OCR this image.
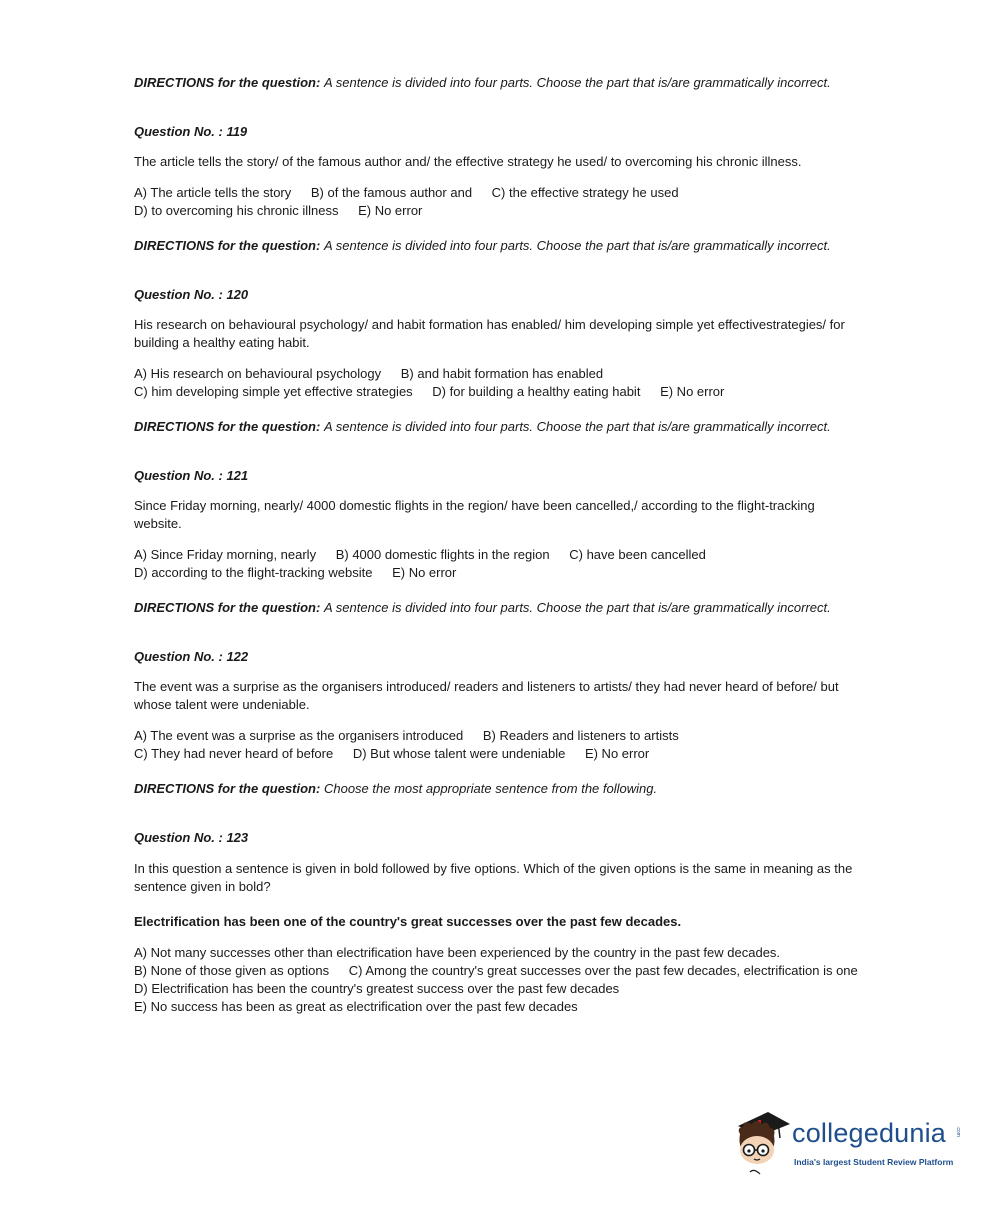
DIRECTIONS for the question: A sentence is divided into four parts. Choose the part that is/are grammatically incorrect.
Question No. : 119
The article tells the story/ of the famous author and/ the effective strategy he used/ to overcoming his chronic illness.
A) The article tells the story B) of the famous author and C) the effective strategy he used
D) to overcoming his chronic illness E) No error
DIRECTIONS for the question: A sentence is divided into four parts. Choose the part that is/are grammatically incorrect.
Question No. : 120
His research on behavioural psychology/ and habit formation has enabled/ him developing simple yet effectivestrategies/ for
building a healthy eating habit.
A) His research on behavioural psychology B) and habit formation has enabled
C) him developing simple yet effective strategies D) for building a healthy eating habit E) No error
DIRECTIONS for the question: A sentence is divided into four parts. Choose the part that is/are grammatically incorrect.
Question No. : 121
Since Friday morning, nearly/ 4000 domestic flights in the region/ have been cancelled,/ according to the flight-tracking
website.
A) Since Friday morning, nearly B) 4000 domestic flights in the region C) have been cancelled
D) according to the flight-tracking website E) No error
DIRECTIONS for the question: A sentence is divided into four parts. Choose the part that is/are grammatically incorrect.
Question No. : 122
The event was a surprise as the organisers introduced/ readers and listeners to artists/ they had never heard of before/ but
whose talent were undeniable.
A) The event was a surprise as the organisers introduced B) Readers and listeners to artists
C) They had never heard of before D) But whose talent were undeniable E) No error
DIRECTIONS for the question: Choose the most appropriate sentence from the following.
Question No. : 123
In this question a sentence is given in bold followed by five options. Which of the given options is the same in meaning as the
sentence given in bold?
Electrification has been one of the country's great successes over the past few decades.
A) Not many successes other than electrification have been experienced by the country in the past few decades.
B) None of those given as options C) Among the country's great successes over the past few decades, electrification is one
D) Electrification has been the country's greatest success over the past few decades
E) No success has been as great as electrification over the past few decades
collegedunia .com
India's largest Student Review Platform
